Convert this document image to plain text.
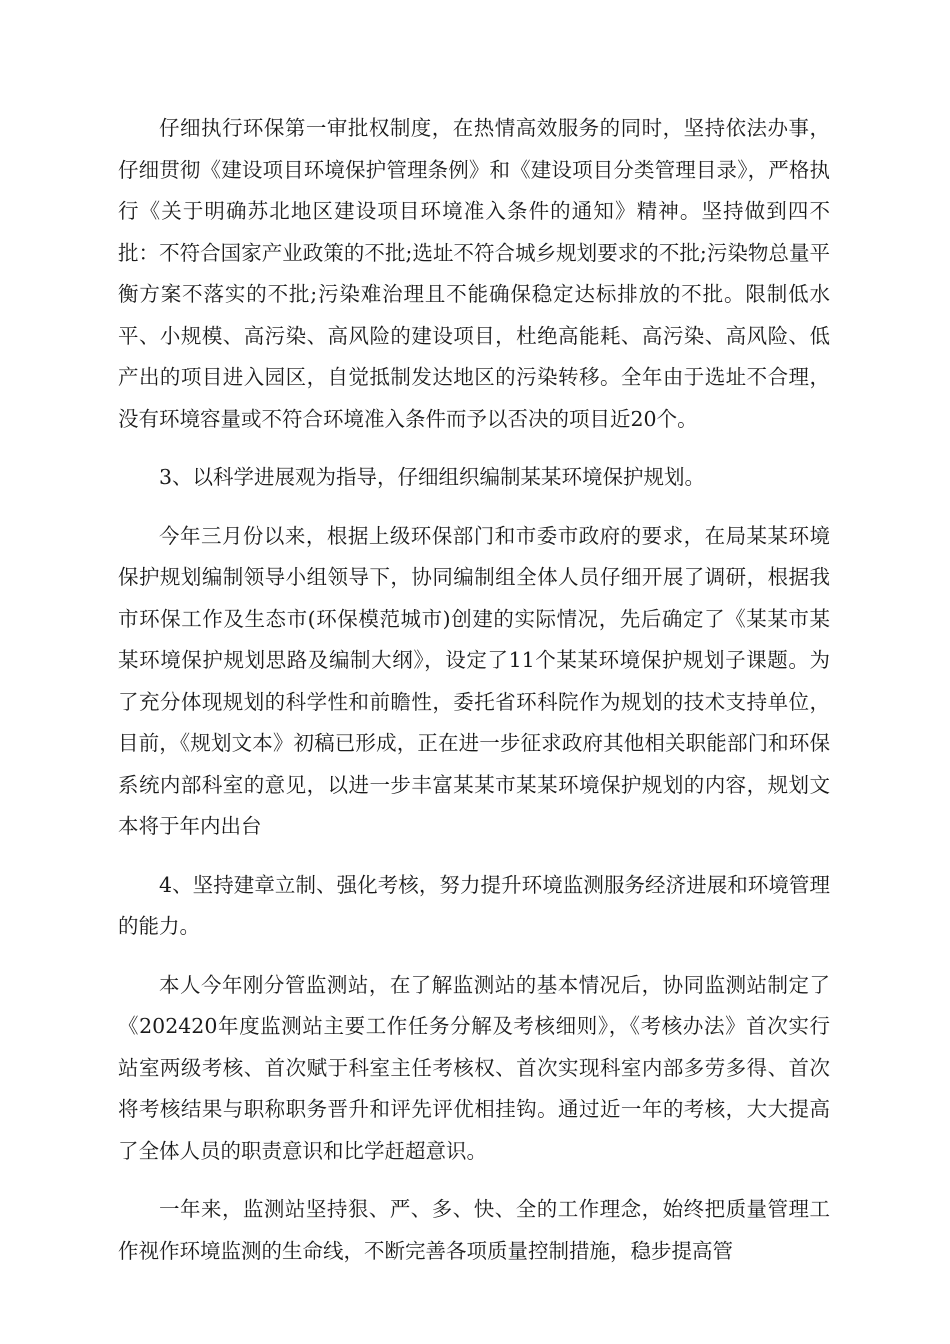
仔细执行环保第一审批权制度，在热情高效服务的同时，坚持依法办事，仔细贯彻《建设项目环境保护管理条例》和《建设项目分类管理目录》，严格执行《关于明确苏北地区建设项目环境准入条件的通知》精神。坚持做到四不批：不符合国家产业政策的不批;选址不符合城乡规划要求的不批;污染物总量平衡方案不落实的不批;污染难治理且不能确保稳定达标排放的不批。限制低水平、小规模、高污染、高风险的建设项目，杜绝高能耗、高污染、高风险、低产出的项目进入园区，自觉抵制发达地区的污染转移。全年由于选址不合理，没有环境容量或不符合环境准入条件而予以否决的项目近20个。

3、以科学进展观为指导，仔细组织编制某某环境保护规划。

今年三月份以来，根据上级环保部门和市委市政府的要求，在局某某环境保护规划编制领导小组领导下，协同编制组全体人员仔细开展了调研，根据我市环保工作及生态市(环保模范城市)创建的实际情况，先后确定了《某某市某某环境保护规划思路及编制大纲》，设定了11个某某环境保护规划子课题。为了充分体现规划的科学性和前瞻性，委托省环科院作为规划的技术支持单位，目前，《规划文本》初稿已形成，正在进一步征求政府其他相关职能部门和环保系统内部科室的意见，以进一步丰富某某市某某环境保护规划的内容，规划文本将于年内出台

4、坚持建章立制、强化考核，努力提升环境监测服务经济进展和环境管理的能力。

本人今年刚分管监测站，在了解监测站的基本情况后，协同监测站制定了《202420年度监测站主要工作任务分解及考核细则》，《考核办法》首次实行站室两级考核、首次赋于科室主任考核权、首次实现科室内部多劳多得、首次将考核结果与职称职务晋升和评先评优相挂钩。通过近一年的考核，大大提高了全体人员的职责意识和比学赶超意识。

一年来，监测站坚持狠、严、多、快、全的工作理念，始终把质量管理工作视作环境监测的生命线，不断完善各项质量控制措施，稳步提高管
